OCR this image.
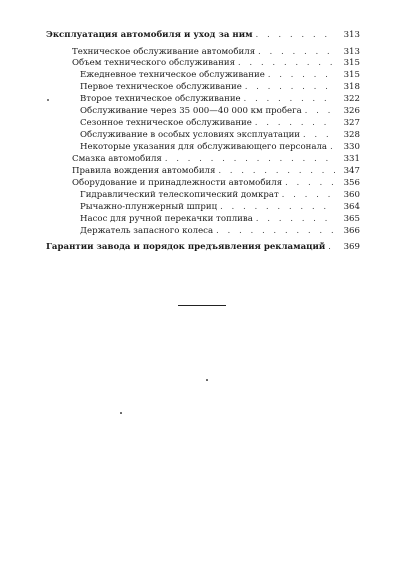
Эксплуатация автомобиля и уход за ним . . .	313
Техническое обслуживание автомобиля . . .	313
Объем технического обслуживания . . .	315
Ежедневное техническое обслуживание . . .	315
Первое техническое обслуживание . . .	318
Второе техническое обслуживание . . .	322
Обслуживание через 35 000—40 000 км пробега . . .	326
Сезонное техническое обслуживание . . .	327
Обслуживание в особых условиях эксплуатации . . .	328
Некоторые указания для обслуживающего персонала . . .	330
Смазка автомобиля . . .	331
Правила вождения автомобиля . . .	347
Оборудование и принадлежности автомобиля . . .	356
Гидравлический телескопический домкрат . . .	360
Рычажно-плунжерный шприц . . .	364
Насос для ручной перекачки топлива . . .	365
Держатель запасного колеса . . .	366
Гарантии завода и порядок предъявления рекламаций . . .	369
